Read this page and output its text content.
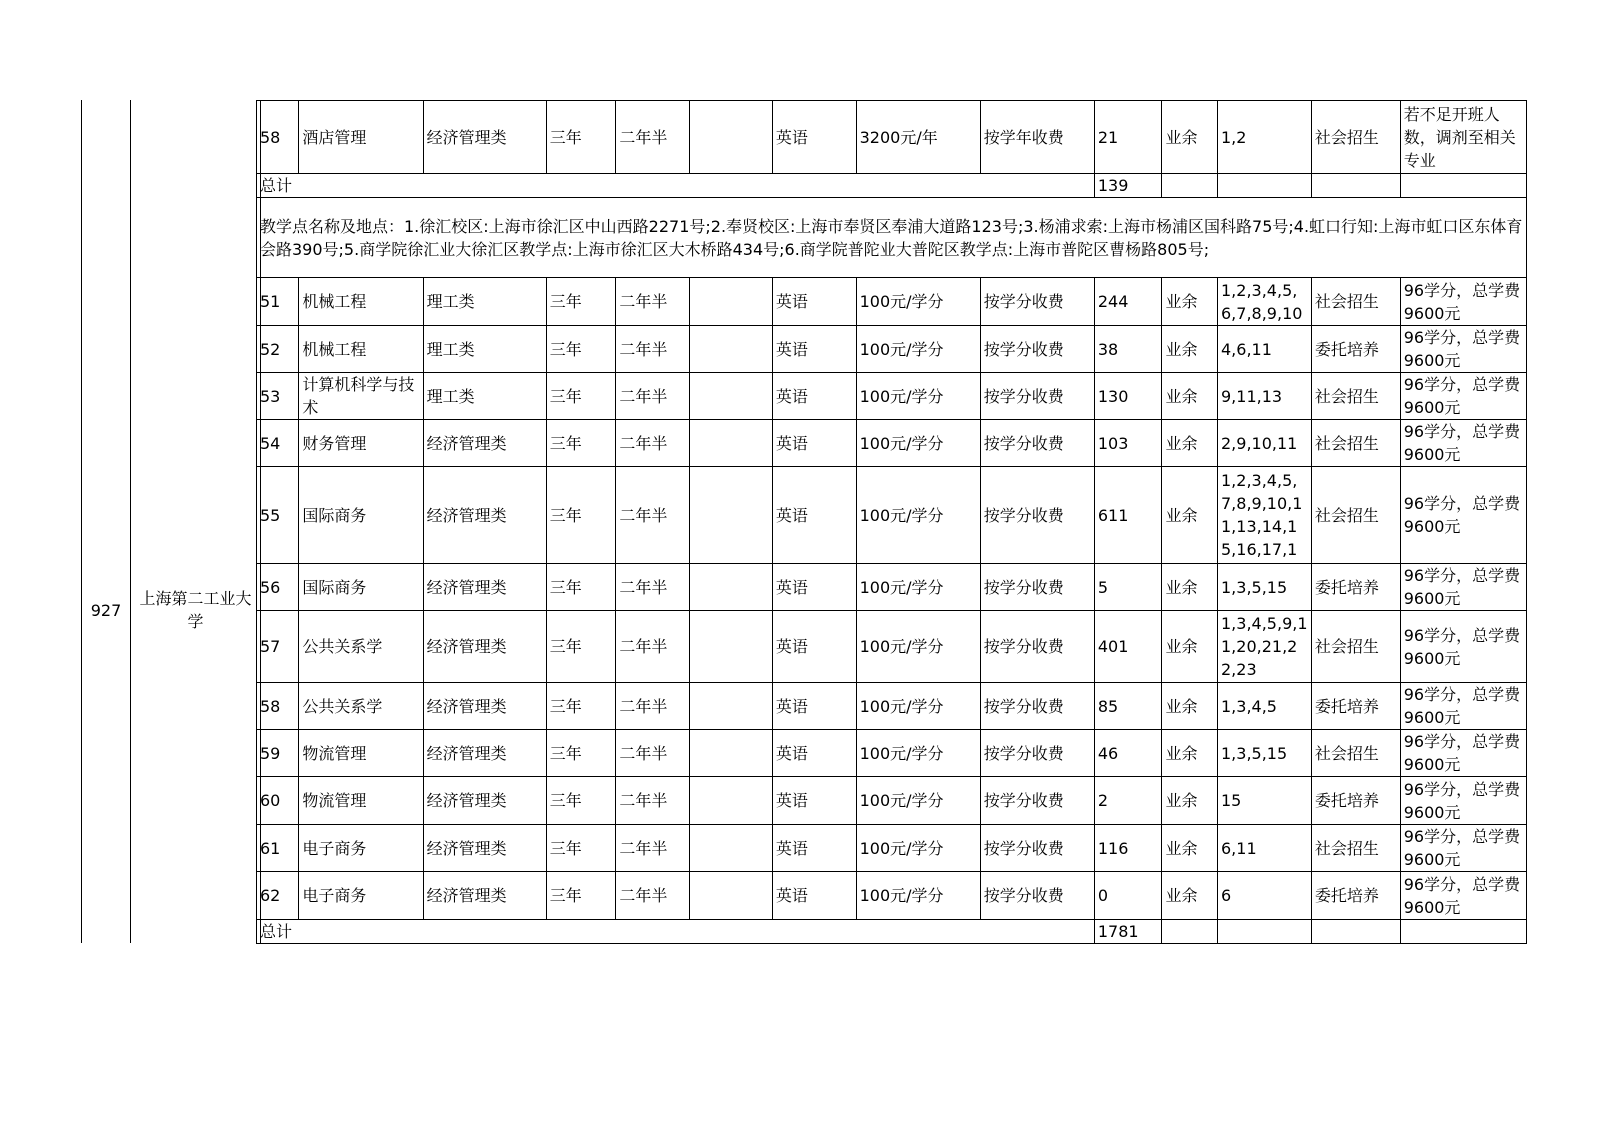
927	上海第二工业大学
58	酒店管理	经济管理类	三年	二年半		英语	3200元/年	按学年收费	21	业余	1,2	社会招生	若不足开班人数，调剂至相关专业
总计									139				
教学点名称及地点：1.徐汇校区:上海市徐汇区中山西路2271号;2.奉贤校区:上海市奉贤区奉浦大道路123号;3.杨浦求索:上海市杨浦区国科路75号;4.虹口行知:上海市虹口区东体育会路390号;5.商学院徐汇业大徐汇区教学点:上海市徐汇区大木桥路434号;6.商学院普陀业大普陀区教学点:上海市普陀区曹杨路805号;													
51	机械工程	理工类	三年	二年半		英语	100元/学分	按学分收费	244	业余	1,2,3,4,5,6,7,8,9,10	社会招生	96学分，总学费9600元
52	机械工程	理工类	三年	二年半		英语	100元/学分	按学分收费	38	业余	4,6,11	委托培养	96学分，总学费9600元
53	计算机科学与技术	理工类	三年	二年半		英语	100元/学分	按学分收费	130	业余	9,11,13	社会招生	96学分，总学费9600元
54	财务管理	经济管理类	三年	二年半		英语	100元/学分	按学分收费	103	业余	2,9,10,11	社会招生	96学分，总学费9600元
55	国际商务	经济管理类	三年	二年半		英语	100元/学分	按学分收费	611	业余	1,2,3,4,5,7,8,9,10,11,13,14,15,16,17,1	社会招生	96学分，总学费9600元
56	国际商务	经济管理类	三年	二年半		英语	100元/学分	按学分收费	5	业余	1,3,5,15	委托培养	96学分，总学费9600元
57	公共关系学	经济管理类	三年	二年半		英语	100元/学分	按学分收费	401	业余	1,3,4,5,9,11,20,21,22,23	社会招生	96学分，总学费9600元
58	公共关系学	经济管理类	三年	二年半		英语	100元/学分	按学分收费	85	业余	1,3,4,5	委托培养	96学分，总学费9600元
59	物流管理	经济管理类	三年	二年半		英语	100元/学分	按学分收费	46	业余	1,3,5,15	社会招生	96学分，总学费9600元
60	物流管理	经济管理类	三年	二年半		英语	100元/学分	按学分收费	2	业余	15	委托培养	96学分，总学费9600元
61	电子商务	经济管理类	三年	二年半		英语	100元/学分	按学分收费	116	业余	6,11	社会招生	96学分，总学费9600元
62	电子商务	经济管理类	三年	二年半		英语	100元/学分	按学分收费	0	业余	6	委托培养	96学分，总学费9600元
总计									1781				
